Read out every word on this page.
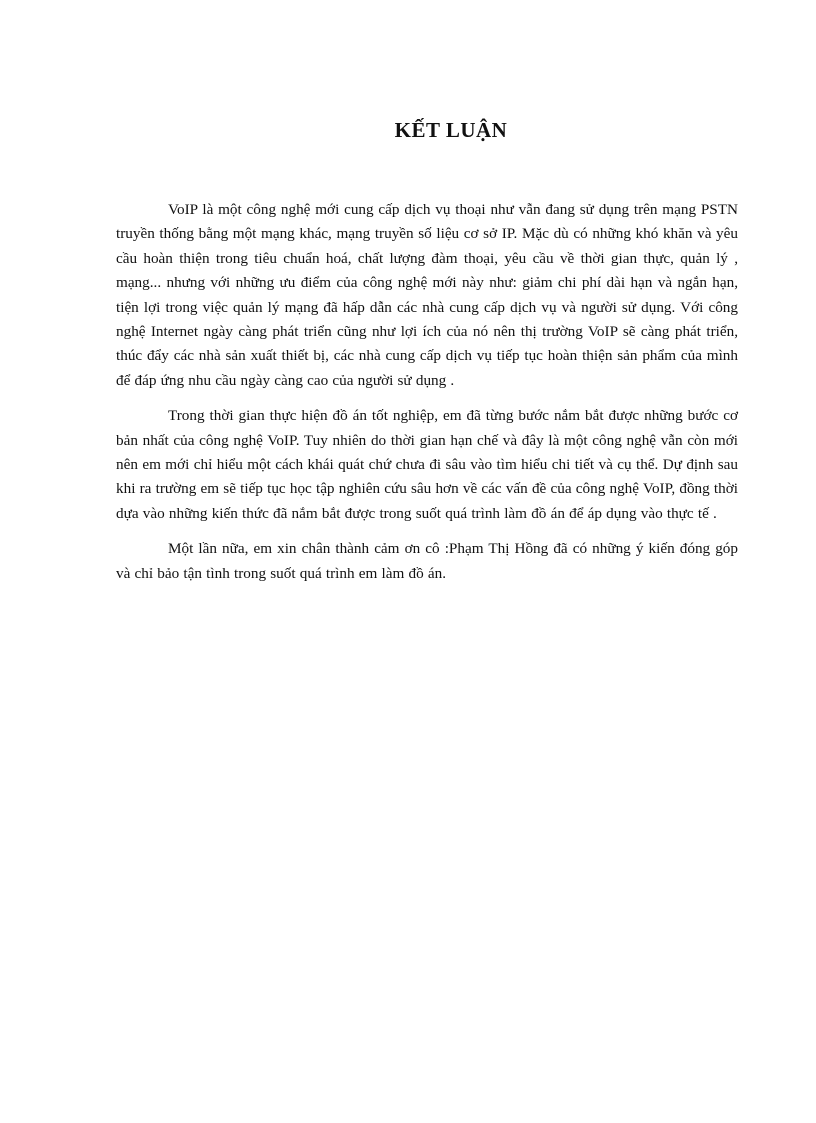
KẾT LUẬN

VoIP là một công nghệ mới cung cấp dịch vụ thoại như vẫn đang sử dụng trên mạng PSTN truyền thống bằng một mạng khác, mạng truyền số liệu cơ sở IP. Mặc dù có những khó khăn và yêu cầu hoàn thiện trong tiêu chuẩn hoá, chất lượng đàm thoại, yêu cầu về thời gian thực, quản lý , mạng... nhưng với những ưu điểm của công nghệ mới này như: giảm chi phí dài hạn và ngắn hạn, tiện lợi trong việc quản lý mạng đã hấp dẫn các nhà cung cấp dịch vụ và người sử dụng. Với công nghệ Internet ngày càng phát triển cũng như lợi ích của nó nên thị trường VoIP sẽ càng phát triển, thúc đẩy các nhà sản xuất thiết bị, các nhà cung cấp dịch vụ tiếp tục hoàn thiện sản phẩm của mình để đáp ứng nhu cầu ngày càng cao của người sử dụng .

Trong thời gian thực hiện đồ án tốt nghiệp, em đã từng bước nắm bắt được những bước cơ bản nhất của công nghệ VoIP. Tuy nhiên do thời gian hạn chế và đây là một công nghệ vẫn còn mới nên em mới chỉ hiểu một cách khái quát chứ chưa đi sâu vào tìm hiểu chi tiết và cụ thể. Dự định sau khi ra trường em sẽ tiếp tục học tập nghiên cứu sâu hơn về các vấn đề của công nghệ VoIP, đồng thời dựa vào những kiến thức đã nắm bắt được trong suốt quá trình làm đồ án để áp dụng vào thực tế .

Một lần nữa, em xin chân thành cảm ơn cô :Phạm Thị Hồng đã có những ý kiến đóng góp và chỉ bảo tận tình trong suốt quá trình em làm đồ án.
